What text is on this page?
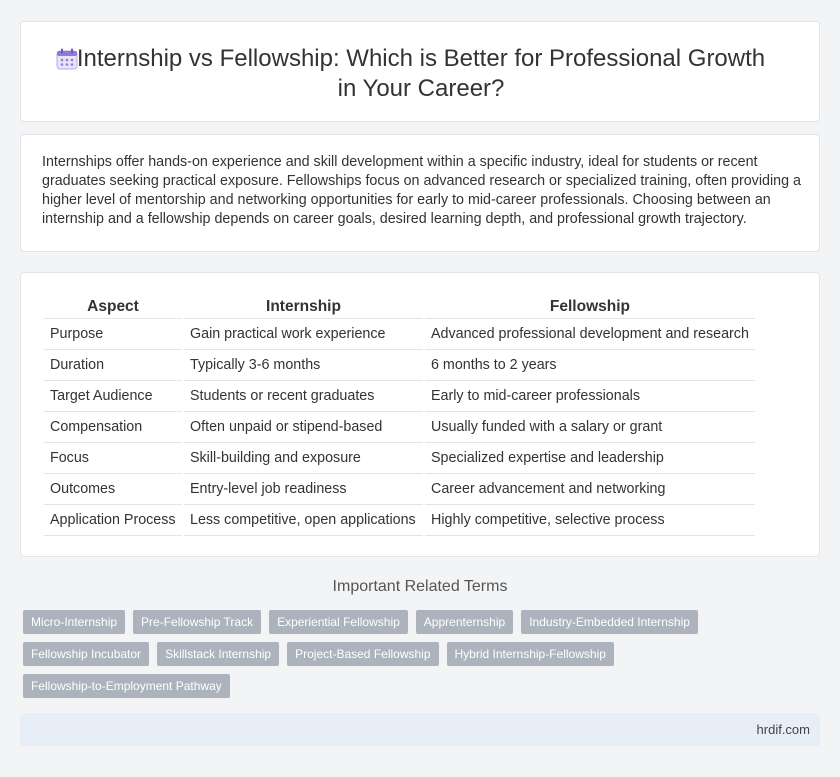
Internship vs Fellowship: Which is Better for Professional Growth
in Your Career?

Internships offer hands-on experience and skill development within a specific industry, ideal for students or recent graduates seeking practical exposure. Fellowships focus on advanced research or specialized training, often providing a higher level of mentorship and networking opportunities for early to mid-career professionals. Choosing between an internship and a fellowship depends on career goals, desired learning depth, and professional growth trajectory.

Aspect	Internship	Fellowship
Purpose	Gain practical work experience	Advanced professional development and research
Duration	Typically 3-6 months	6 months to 2 years
Target Audience	Students or recent graduates	Early to mid-career professionals
Compensation	Often unpaid or stipend-based	Usually funded with a salary or grant
Focus	Skill-building and exposure	Specialized expertise and leadership
Outcomes	Entry-level job readiness	Career advancement and networking
Application Process	Less competitive, open applications	Highly competitive, selective process
Important Related Terms
Micro-Internship	Pre-Fellowship Track	Experiential Fellowship	Apprenternship	Industry-Embedded Internship
Fellowship Incubator	Skillstack Internship	Project-Based Fellowship	Hybrid Internship-Fellowship
Fellowship-to-Employment Pathway
hrdif.com
